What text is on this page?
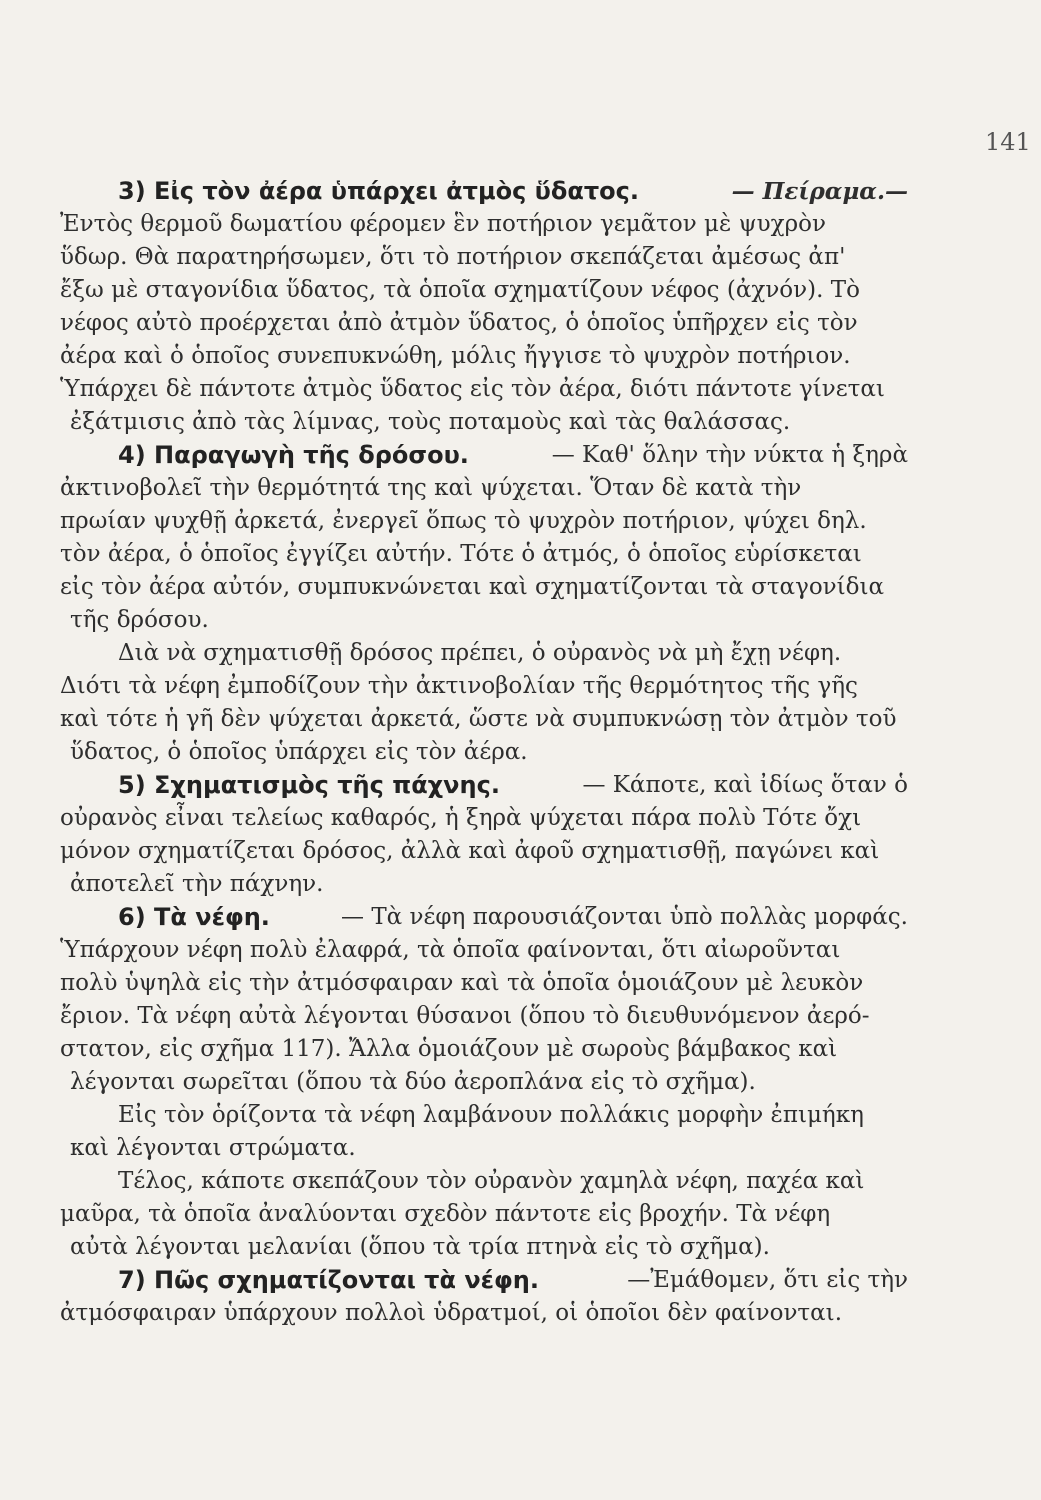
141
3) Εἰς τὸν ἀέρα ὑπάρχει ἀτμὸς ὕδατος.	— Πείραμα.—
Ἐντὸς θερμοῦ δωματίου φέρομεν ἓν ποτήριον γεμᾶτον μὲ ψυχρὸν
ὕδωρ. Θὰ παρατηρήσωμεν, ὅτι τὸ ποτήριον σκεπάζεται ἀμέσως ἀπ'
ἔξω μὲ σταγονίδια ὕδατος, τὰ ὁποῖα σχηματίζουν νέφος (ἀχνόν). Τὸ
νέφος αὐτὸ προέρχεται ἀπὸ ἀτμὸν ὕδατος, ὁ ὁποῖος ὑπῆρχεν εἰς τὸν
ἀέρα καὶ ὁ ὁποῖος συνεπυκνώθη, μόλις ἤγγισε τὸ ψυχρὸν ποτήριον.
Ὑπάρχει δὲ πάντοτε ἀτμὸς ὕδατος εἰς τὸν ἀέρα, διότι πάντοτε γίνεται
ἐξάτμισις ἀπὸ τὰς λίμνας, τοὺς ποταμοὺς καὶ τὰς θαλάσσας.
4) Παραγωγὴ τῆς δρόσου.	— Καθ' ὅλην τὴν νύκτα ἡ ξηρὰ
ἀκτινοβολεῖ τὴν θερμότητά της καὶ ψύχεται. Ὅταν δὲ κατὰ τὴν
πρωίαν ψυχθῇ ἀρκετά, ἐνεργεῖ ὅπως τὸ ψυχρὸν ποτήριον, ψύχει δηλ.
τὸν ἀέρα, ὁ ὁποῖος ἐγγίζει αὐτήν. Τότε ὁ ἀτμός, ὁ ὁποῖος εὑρίσκεται
εἰς τὸν ἀέρα αὐτόν, συμπυκνώνεται καὶ σχηματίζονται τὰ σταγονίδια
τῆς δρόσου.
Διὰ νὰ σχηματισθῇ δρόσος πρέπει, ὁ οὐρανὸς νὰ μὴ ἔχῃ νέφη.
Διότι τὰ νέφη ἐμποδίζουν τὴν ἀκτινοβολίαν τῆς θερμότητος τῆς γῆς
καὶ τότε ἡ γῆ δὲν ψύχεται ἀρκετά, ὥστε νὰ συμπυκνώσῃ τὸν ἀτμὸν τοῦ
ὕδατος, ὁ ὁποῖος ὑπάρχει εἰς τὸν ἀέρα.
5) Σχηματισμὸς τῆς πάχνης.	— Κάποτε, καὶ ἰδίως ὅταν ὁ
οὐρανὸς εἶναι τελείως καθαρός, ἡ ξηρὰ ψύχεται πάρα πολὺ Τότε ὄχι
μόνον σχηματίζεται δρόσος, ἀλλὰ καὶ ἀφοῦ σχηματισθῇ, παγώνει καὶ
ἀποτελεῖ τὴν πάχνην.
6) Τὰ νέφη.	— Τὰ νέφη παρουσιάζονται ὑπὸ πολλὰς μορφάς.
Ὑπάρχουν νέφη πολὺ ἐλαφρά, τὰ ὁποῖα φαίνονται, ὅτι αἰωροῦνται
πολὺ ὑψηλὰ εἰς τὴν ἀτμόσφαιραν καὶ τὰ ὁποῖα ὁμοιάζουν μὲ λευκὸν
ἔριον. Τὰ νέφη αὐτὰ λέγονται θύσανοι (ὅπου τὸ διευθυνόμενον ἀερό-
στατον, εἰς σχῆμα 117). Ἄλλα ὁμοιάζουν μὲ σωροὺς βάμβακος καὶ
λέγονται σωρεῖται (ὅπου τὰ δύο ἀεροπλάνα εἰς τὸ σχῆμα).
Εἰς τὸν ὁρίζοντα τὰ νέφη λαμβάνουν πολλάκις μορφὴν ἐπιμήκη
καὶ λέγονται στρώματα.
Τέλος, κάποτε σκεπάζουν τὸν οὐρανὸν χαμηλὰ νέφη, παχέα καὶ
μαῦρα, τὰ ὁποῖα ἀναλύονται σχεδὸν πάντοτε εἰς βροχήν. Τὰ νέφη
αὐτὰ λέγονται μελανίαι (ὅπου τὰ τρία πτηνὰ εἰς τὸ σχῆμα).
7) Πῶς σχηματίζονται τὰ νέφη.	—Ἐμάθομεν, ὅτι εἰς τὴν
ἀτμόσφαιραν ὑπάρχουν πολλοὶ ὑδρατμοί, οἱ ὁποῖοι δὲν φαίνονται.
